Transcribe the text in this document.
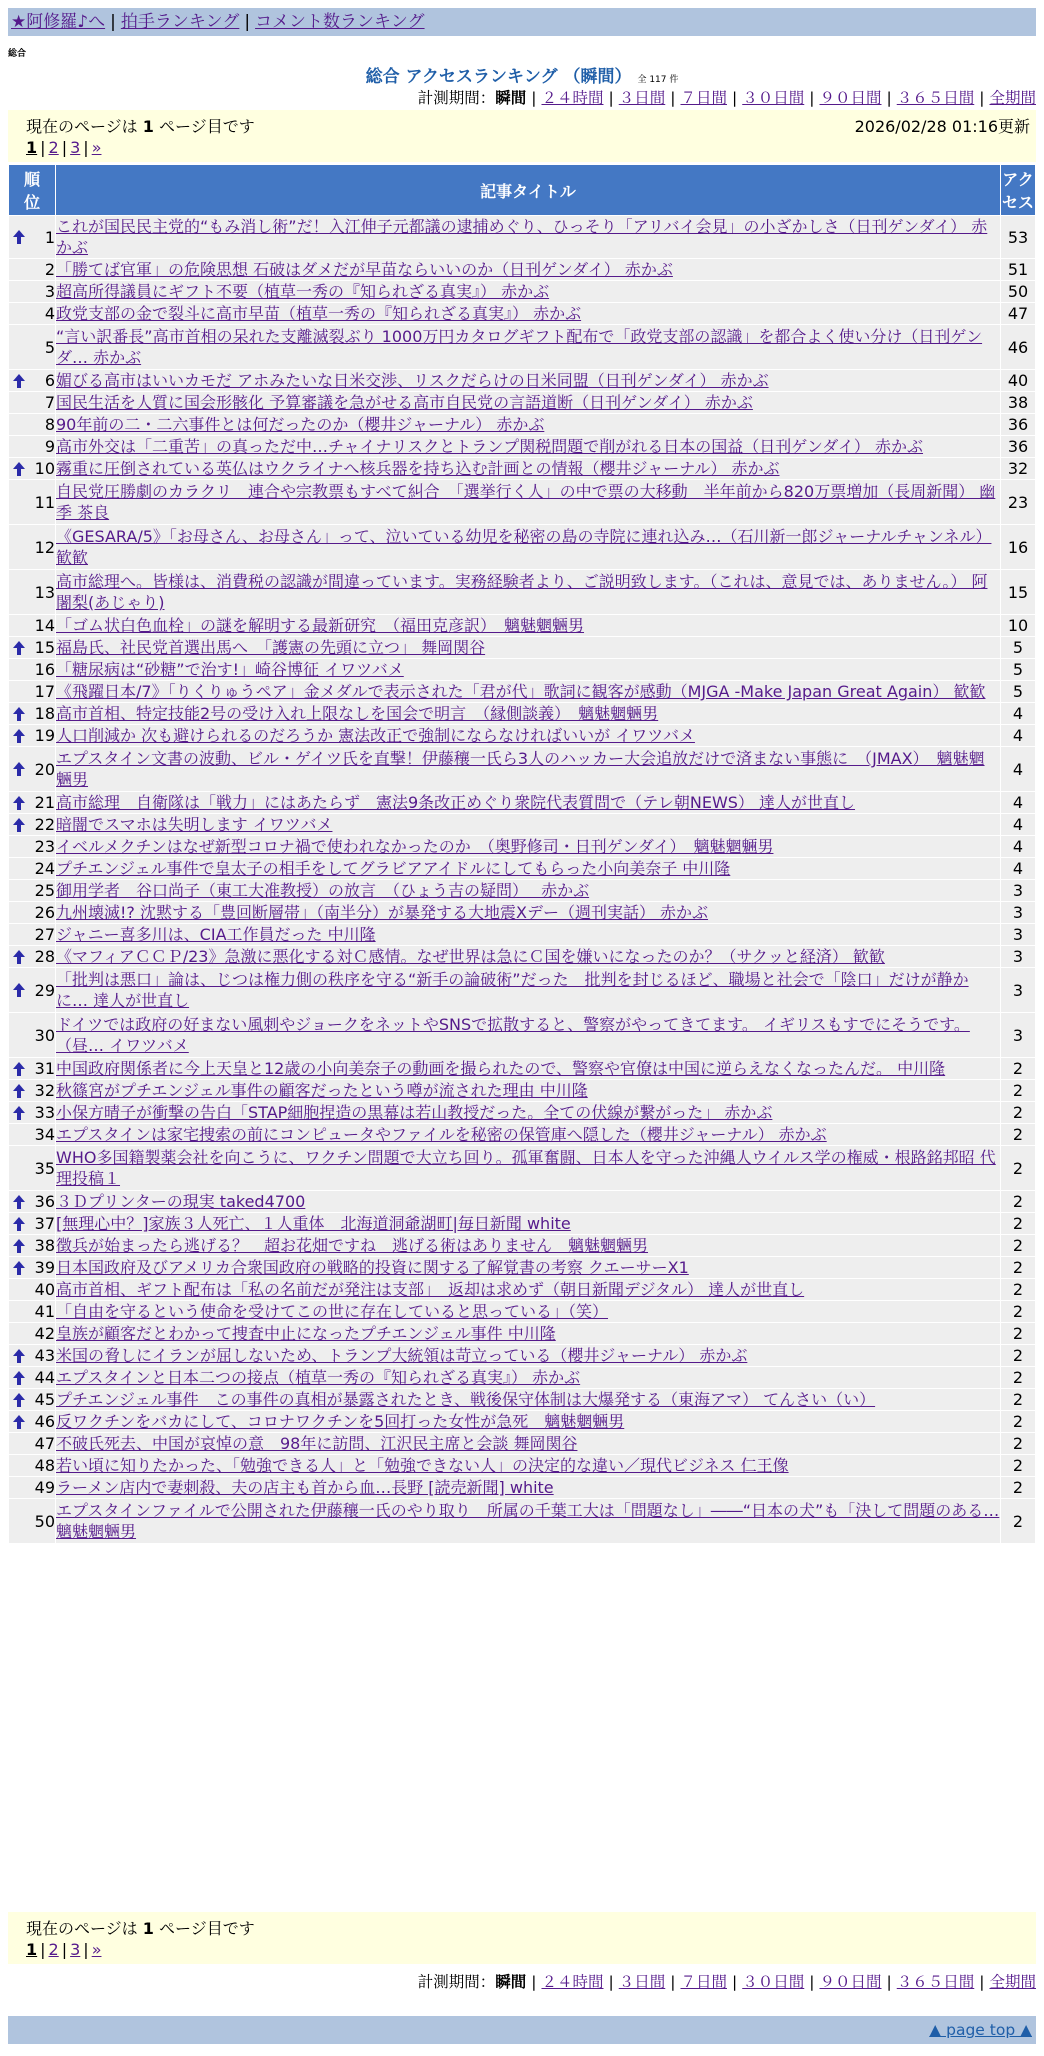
★阿修羅♪へ | 拍手ランキング | コメント数ランキング
総合
総合 アクセスランキング （瞬間） 全 117 件
計測期間：瞬間 | ２４時間 | ３日間 | ７日間 | ３０日間 | ９０日間 | ３６５日間 | 全期間
現在のページは 1 ページ目です	2026/02/28 01:16更新
1 | 2 | 3 | »
順
位	記事タイトル	アク
セス

1	これが国民民主党的“もみ消し術”だ！入江伸子元都議の逮捕めぐり、ひっそり「アリバイ会見」の小ざかしさ（日刊ゲンダイ） 赤かぶ	53
2	「勝てば官軍」の危険思想 石破はダメだが早苗ならいいのか（日刊ゲンダイ） 赤かぶ	51
3	超高所得議員にギフト不要（植草一秀の『知られざる真実』） 赤かぶ	50
4	政党支部の金で裂斗に高市早苗（植草一秀の『知られざる真実』） 赤かぶ	47
5	“言い訳番長”高市首相の呆れた支離滅裂ぶり 1000万円カタログギフト配布で「政党支部の認識」を都合よく使い分け（日刊ゲンダ… 赤かぶ	46

6	媚びる高市はいいカモだ アホみたいな日米交渉、リスクだらけの日米同盟（日刊ゲンダイ） 赤かぶ	40
7	国民生活を人質に国会形骸化 予算審議を急がせる高市自民党の言語道断（日刊ゲンダイ） 赤かぶ	38
8	90年前の二・二六事件とは何だったのか（櫻井ジャーナル） 赤かぶ	36
9	高市外交は「二重苦」の真っただ中…チャイナリスクとトランプ関税問題で削がれる日本の国益（日刊ゲンダイ） 赤かぶ	36

10	霧重に圧倒されている英仏はウクライナへ核兵器を持ち込む計画との情報（櫻井ジャーナル） 赤かぶ	32
11	自民党圧勝劇のカラクリ　連合や宗教票もすべて糾合　「選挙行く人」の中で票の大移動　半年前から820万票増加（長周新聞） 幽季 茶良	23
12	《GESARA/5》「お母さん、お母さん」って、泣いている幼児を秘密の島の寺院に連れ込み…（石川新一郎ジャーナルチャンネル） 歓歓	16
13	高市総理へ。皆様は、消費税の認識が間違っています。実務経験者より、ご説明致します。（これは、意見では、ありません。） 阿闍梨(あじゃり)	15
14	「ゴム状白色血栓」の謎を解明する最新研究　（福田克彦訳）　魑魅魍魎男	10

15	福島氏、社民党首選出馬へ　「護憲の先頭に立つ」 舞岡関谷	5
16	「糖尿病は“砂糖”で治す!」崎谷博征 イワツバメ	5
17	《飛躍日本/7》「りくりゅうペア」金メダルで表示された「君が代」歌詞に観客が感動（MJGA -Make Japan Great Again） 歓歓	5

18	高市首相、特定技能2号の受け入れ上限なしを国会で明言　（縁側談義）　魑魅魍魎男	4

19	人口削減か 次も避けられるのだろうか 憲法改正で強制にならなければいいが イワツバメ	4

20	エプスタイン文書の波動、ビル・ゲイツ氏を直撃！伊藤穰一氏ら3人のハッカー大会追放だけで済まない事態に　（JMAX）　魑魅魍魎男	4

21	高市総理　自衛隊は「戦力」にはあたらず　憲法9条改正めぐり衆院代表質問で（テレ朝NEWS） 達人が世直し	4

22	暗闇でスマホは失明します イワツバメ	4
23	イベルメクチンはなぜ新型コロナ禍で使われなかったのか　（奥野修司・日刊ゲンダイ）　魑魅魍魎男	4
24	プチエンジェル事件で皇太子の相手をしてグラビアアイドルにしてもらった小向美奈子 中川隆	4
25	御用学者　谷口尚子（東工大准教授）の放言　（ひょう吉の疑問）　 赤かぶ	3
26	九州壊滅!? 沈黙する「豊回断層帯」（南半分）が暴発する大地震Xデー（週刊実話） 赤かぶ	3
27	ジャニー喜多川は、CIA工作員だった 中川隆	3

28	《マフィアＣＣＰ/23》急激に悪化する対Ｃ感情。なぜ世界は急にＣ国を嫌いになったのか？（サクッと経済） 歓歓	3

29	「批判は悪口」論は、じつは権力側の秩序を守る“新手の論破術”だった　批判を封じるほど、職場と社会で「陰口」だけが静かに… 達人が世直し	3
30	ドイツでは政府の好まない風刺やジョークをネットやSNSで拡散すると、警察がやってきてます。 イギリスもすでにそうです。（昼… イワツバメ	3

31	中国政府関係者に今上天皇と12歳の小向美奈子の動画を撮られたので、警察や官僚は中国に逆らえなくなったんだ。 中川隆	2

32	秋篠宮がプチエンジェル事件の顧客だったという噂が流された理由 中川隆	2

33	小保方晴子が衝撃の告白「STAP細胞捏造の黒幕は若山教授だった。全ての伏線が繋がった」 赤かぶ	2
34	エプスタインは家宅捜索の前にコンピュータやファイルを秘密の保管庫へ隠した（櫻井ジャーナル） 赤かぶ	2
35	WHO多国籍製薬会社を向こうに、ワクチン問題で大立ち回り。孤軍奮闘、日本人を守った沖縄人ウイルス学の権威・根路銘邦昭 代理投稿１	2

36	３Ｄプリンターの現実 taked4700	2

37	[無理心中？]家族３人死亡、１人重体　北海道洞爺湖町|毎日新聞 white	2

38	徴兵が始まったら逃げる？　超お花畑ですね　逃げる術はありません　魑魅魍魎男	2

39	日本国政府及びアメリカ合衆国政府の戦略的投資に関する了解覚書の考察 クエーサーX1	2
40	高市首相、ギフト配布は「私の名前だが発注は支部」　返却は求めず（朝日新聞デジタル） 達人が世直し	2
41	「自由を守るという使命を受けてこの世に存在していると思っている」（笑）	2
42	皇族が顧客だとわかって捜査中止になったプチエンジェル事件 中川隆	2

43	米国の脅しにイランが屈しないため、トランプ大統領は苛立っている（櫻井ジャーナル） 赤かぶ	2

44	エプスタインと日本二つの接点（植草一秀の『知られざる真実』） 赤かぶ	2

45	プチエンジェル事件　この事件の真相が暴露されたとき、戦後保守体制は大爆発する（東海アマ） てんさい（い）	2

46	反ワクチンをバカにして、コロナワクチンを5回打った女性が急死　魑魅魍魎男	2
47	不破氏死去、中国が哀悼の意　98年に訪問、江沢民主席と会談 舞岡関谷	2
48	若い頃に知りたかった、「勉強できる人」と「勉強できない人」の決定的な違い／現代ビジネス 仁王像	2
49	ラーメン店内で妻刺殺、夫の店主も首から血…長野 [読売新聞] white	2
50	エプスタインファイルで公開された伊藤穰一氏のやり取り　所属の千葉工大は「問題なし」――“日本の犬”も「決して問題のある… 魑魅魍魎男	2
現在のページは 1 ページ目です
1 | 2 | 3 | »
計測期間：瞬間 | ２４時間 | ３日間 | ７日間 | ３０日間 | ９０日間 | ３６５日間 | 全期間
▲ page top ▲
